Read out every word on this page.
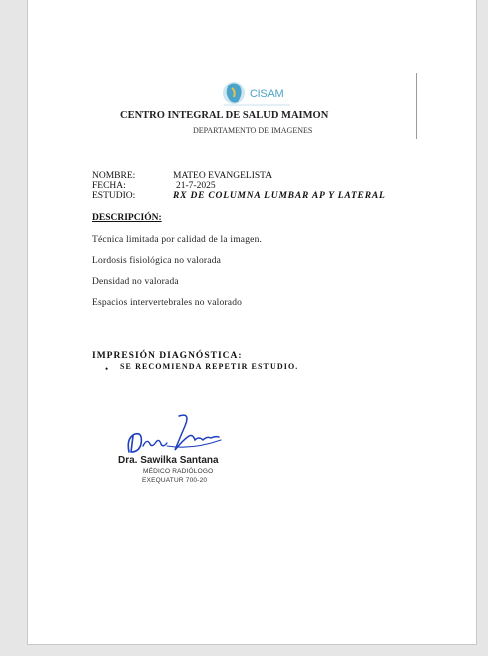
CISAM
CENTRO INTEGRAL DE SALUD MAIMON
DEPARTAMENTO DE IMAGENES
NOMBRE:	MATEO EVANGELISTA
FECHA:	21-7-2025
ESTUDIO:	RX DE COLUMNA LUMBAR AP Y LATERAL
DESCRIPCIÓN:
Técnica limitada por calidad de la imagen.
Lordosis fisiológica no valorada
Densidad no valorada
Espacios intervertebrales no valorado
IMPRESIÓN DIAGNÓSTICA:
• SE RECOMIENDA REPETIR ESTUDIO.
Dra. Sawilka Santana
MÉDICO RADIÓLOGO
EXEQUATUR 700-20
